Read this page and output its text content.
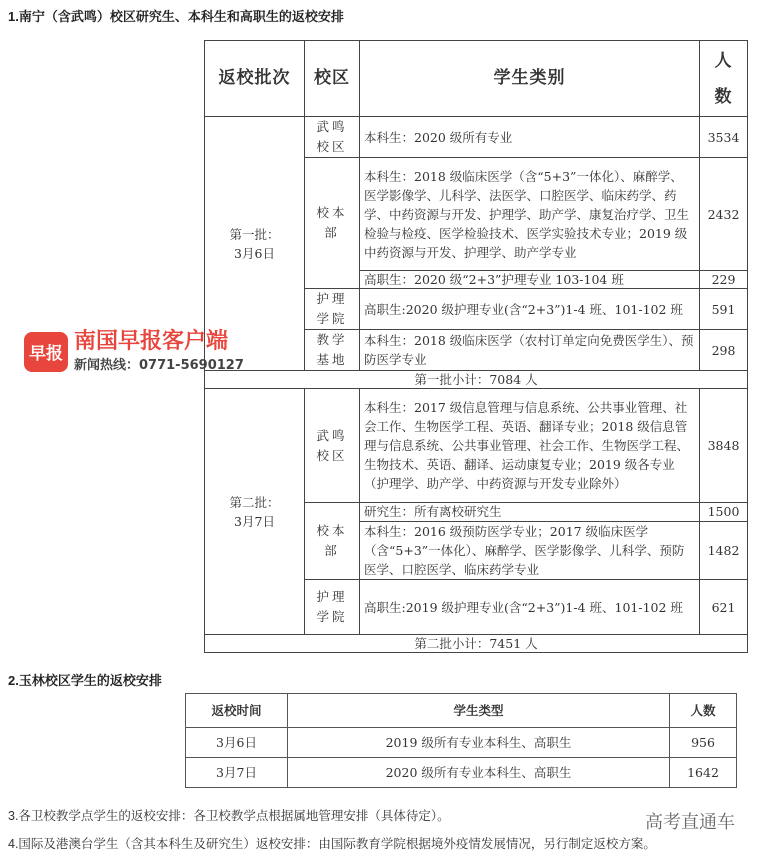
1.南宁（含武鸣）校区研究生、本科生和高职生的返校安排
返校批次	校区	学生类别	人数
第一批：
3月6日	武鸣校区	本科生：2020 级所有专业	3534
	校本部	本科生：2018 级临床医学（含“5+3”一体化）、麻醉学、医学影像学、儿科学、法医学、口腔医学、临床药学、药学、中药资源与开发、护理学、助产学、康复治疗学、卫生检验与检疫、医学检验技术、医学实验技术专业；2019 级中药资源与开发、护理学、助产学专业	2432
		高职生：2020 级“2+3”护理专业 103-104 班	229
	护理学院	高职生:2020 级护理专业(含“2+3”)1-4 班、101-102 班	591
	教学基地	本科生：2018 级临床医学（农村订单定向免费医学生）、预防医学专业	298
第一批小计：7084 人			
第二批：
3月7日	武鸣校区	本科生：2017 级信息管理与信息系统、公共事业管理、社会工作、生物医学工程、英语、翻译专业；2018 级信息管理与信息系统、公共事业管理、社会工作、生物医学工程、生物技术、英语、翻译、运动康复专业；2019 级各专业（护理学、助产学、中药资源与开发专业除外）	3848
	校本部	研究生：所有离校研究生	1500
		本科生：2016 级预防医学专业；2017 级临床医学（含“5+3”一体化）、麻醉学、医学影像学、儿科学、预防医学、口腔医学、临床药学专业	1482
	护理学院	高职生:2019 级护理专业(含“2+3”)1-4 班、101-102 班	621
第二批小计：7451 人			
早报 南国早报客户端
新闻热线：0771-5690127
2.玉林校区学生的返校安排
返校时间	学生类型	人数
3月6日	2019 级所有专业本科生、高职生	956
3月7日	2020 级所有专业本科生、高职生	1642
3.各卫校教学点学生的返校安排：各卫校教学点根据属地管理安排（具体待定）。
4.国际及港澳台学生（含其本科生及研究生）返校安排：由国际教育学院根据境外疫情发展情况，另行制定返校方案。
高考直通车
